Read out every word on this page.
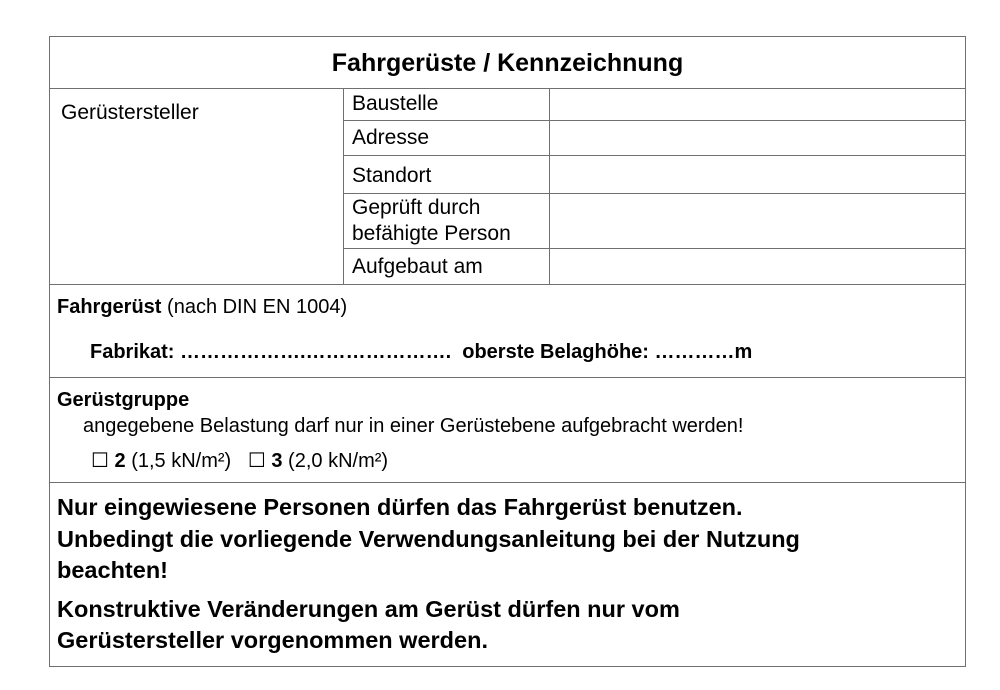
Fahrgerüste / Kennzeichnung
Gerüstersteller	Baustelle
Adresse
Standort
Geprüft durch
befähigte Person
Aufgebaut am
Fahrgerüst (nach DIN EN 1004)
Fabrikat: ……………….………………….  oberste Belaghöhe: …………m
Gerüstgruppe
angegebene Belastung darf nur in einer Gerüstebene aufgebracht werden!
☐ 2 (1,5 kN/m²) ☐ 3 (2,0 kN/m²)
Nur eingewiesene Personen dürfen das Fahrgerüst benutzen.
Unbedingt die vorliegende Verwendungsanleitung bei der Nutzung
beachten!
Konstruktive Veränderungen am Gerüst dürfen nur vom
Gerüstersteller vorgenommen werden.
